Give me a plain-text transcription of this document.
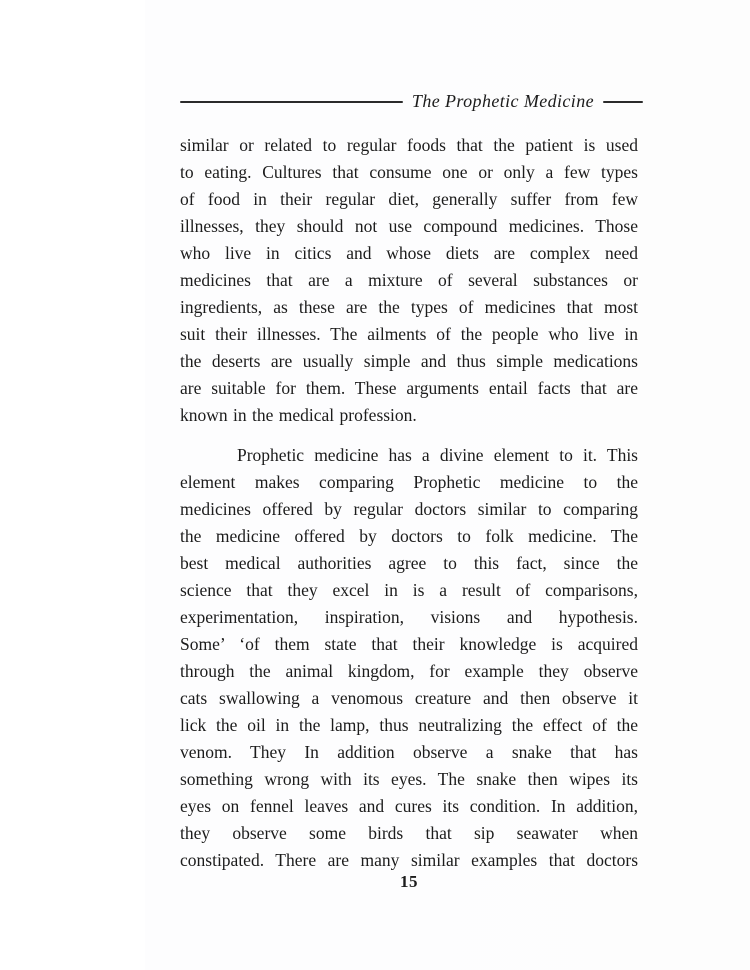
The Prophetic Medicine
similar or related to regular foods that the patient is used
to eating. Cultures that consume one or only a few types
of food in their regular diet, generally suffer from few
illnesses, they should not use compound medicines. Those
who live in citics and whose diets are complex need
medicines that are a mixture of several substances or
ingredients, as these are the types of medicines that most
suit their illnesses. The ailments of the people who live in
the deserts are usually simple and thus simple medications
are suitable for them. These arguments entail facts that are
known in the medical profession.
Prophetic medicine has a divine element to it. This
element makes comparing Prophetic medicine to the
medicines offered by regular doctors similar to comparing
the medicine offered by doctors to folk medicine. The
best medical authorities agree to this fact, since the
science that they excel in is a result of comparisons,
experimentation, inspiration, visions and hypothesis.
Some’ ‘of them state that their knowledge is acquired
through the animal kingdom, for example they observe
cats swallowing a venomous creature and then observe it
lick the oil in the lamp, thus neutralizing the effect of the
venom. They In addition observe a snake that has
something wrong with its eyes. The snake then wipes its
eyes on fennel leaves and cures its condition. In addition,
they observe some birds that sip seawater when
constipated. There are many similar examples that doctors
15
